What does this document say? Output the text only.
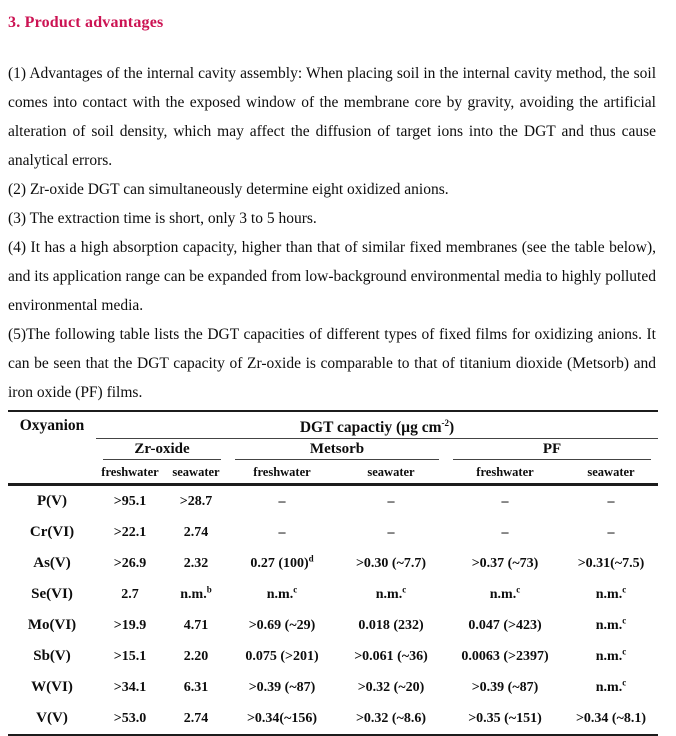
3. Product advantages

(1) Advantages of the internal cavity assembly: When placing soil in the internal cavity method, the soil comes into contact with the exposed window of the membrane core by gravity, avoiding the artificial alteration of soil density, which may affect the diffusion of target ions into the DGT and thus cause analytical errors.

(2) Zr-oxide DGT can simultaneously determine eight oxidized anions.

(3) The extraction time is short, only 3 to 5 hours.

(4) It has a high absorption capacity, higher than that of similar fixed membranes (see the table below), and its application range can be expanded from low-background environmental media to highly polluted environmental media.

(5)The following table lists the DGT capacities of different types of fixed films for oxidizing anions. It can be seen that the DGT capacity of Zr-oxide is comparable to that of titanium dioxide (Metsorb) and iron oxide (PF) films.

Oxyanion	DGT capactiy (µg $cm^{-2}$)					

	Zr-oxide		Metsorb		PF	

	freshwater	seawater	freshwater	seawater	freshwater	seawater
P(V)	>95.1	>28.7	–	–	–	–
Cr(VI)	>22.1	2.74	–	–	–	–
As(V)	>26.9	2.32	0.27 $(100)^d$	>0.30 (~7.7)	>0.37 (~73)	>0.31(~7.5)
Se(VI)	2.7	n.m.$^b$	n.m.$^c$	n.m.$^c$	n.m.$^c$	n.m.$^c$
Mo(VI)	>19.9	4.71	>0.69 (~29)	0.018 (232)	0.047 (>423)	n.m.$^c$
Sb(V)	>15.1	2.20	0.075 (>201)	>0.061 (~36)	0.0063 (>2397)	n.m.$^c$
W(VI)	>34.1	6.31	>0.39 (~87)	>0.32 (~20)	>0.39 (~87)	n.m.$^c$
V(V)	>53.0	2.74	>0.34(~156)	>0.32 (~8.6)	>0.35 (~151)	>0.34 (~8.1)
